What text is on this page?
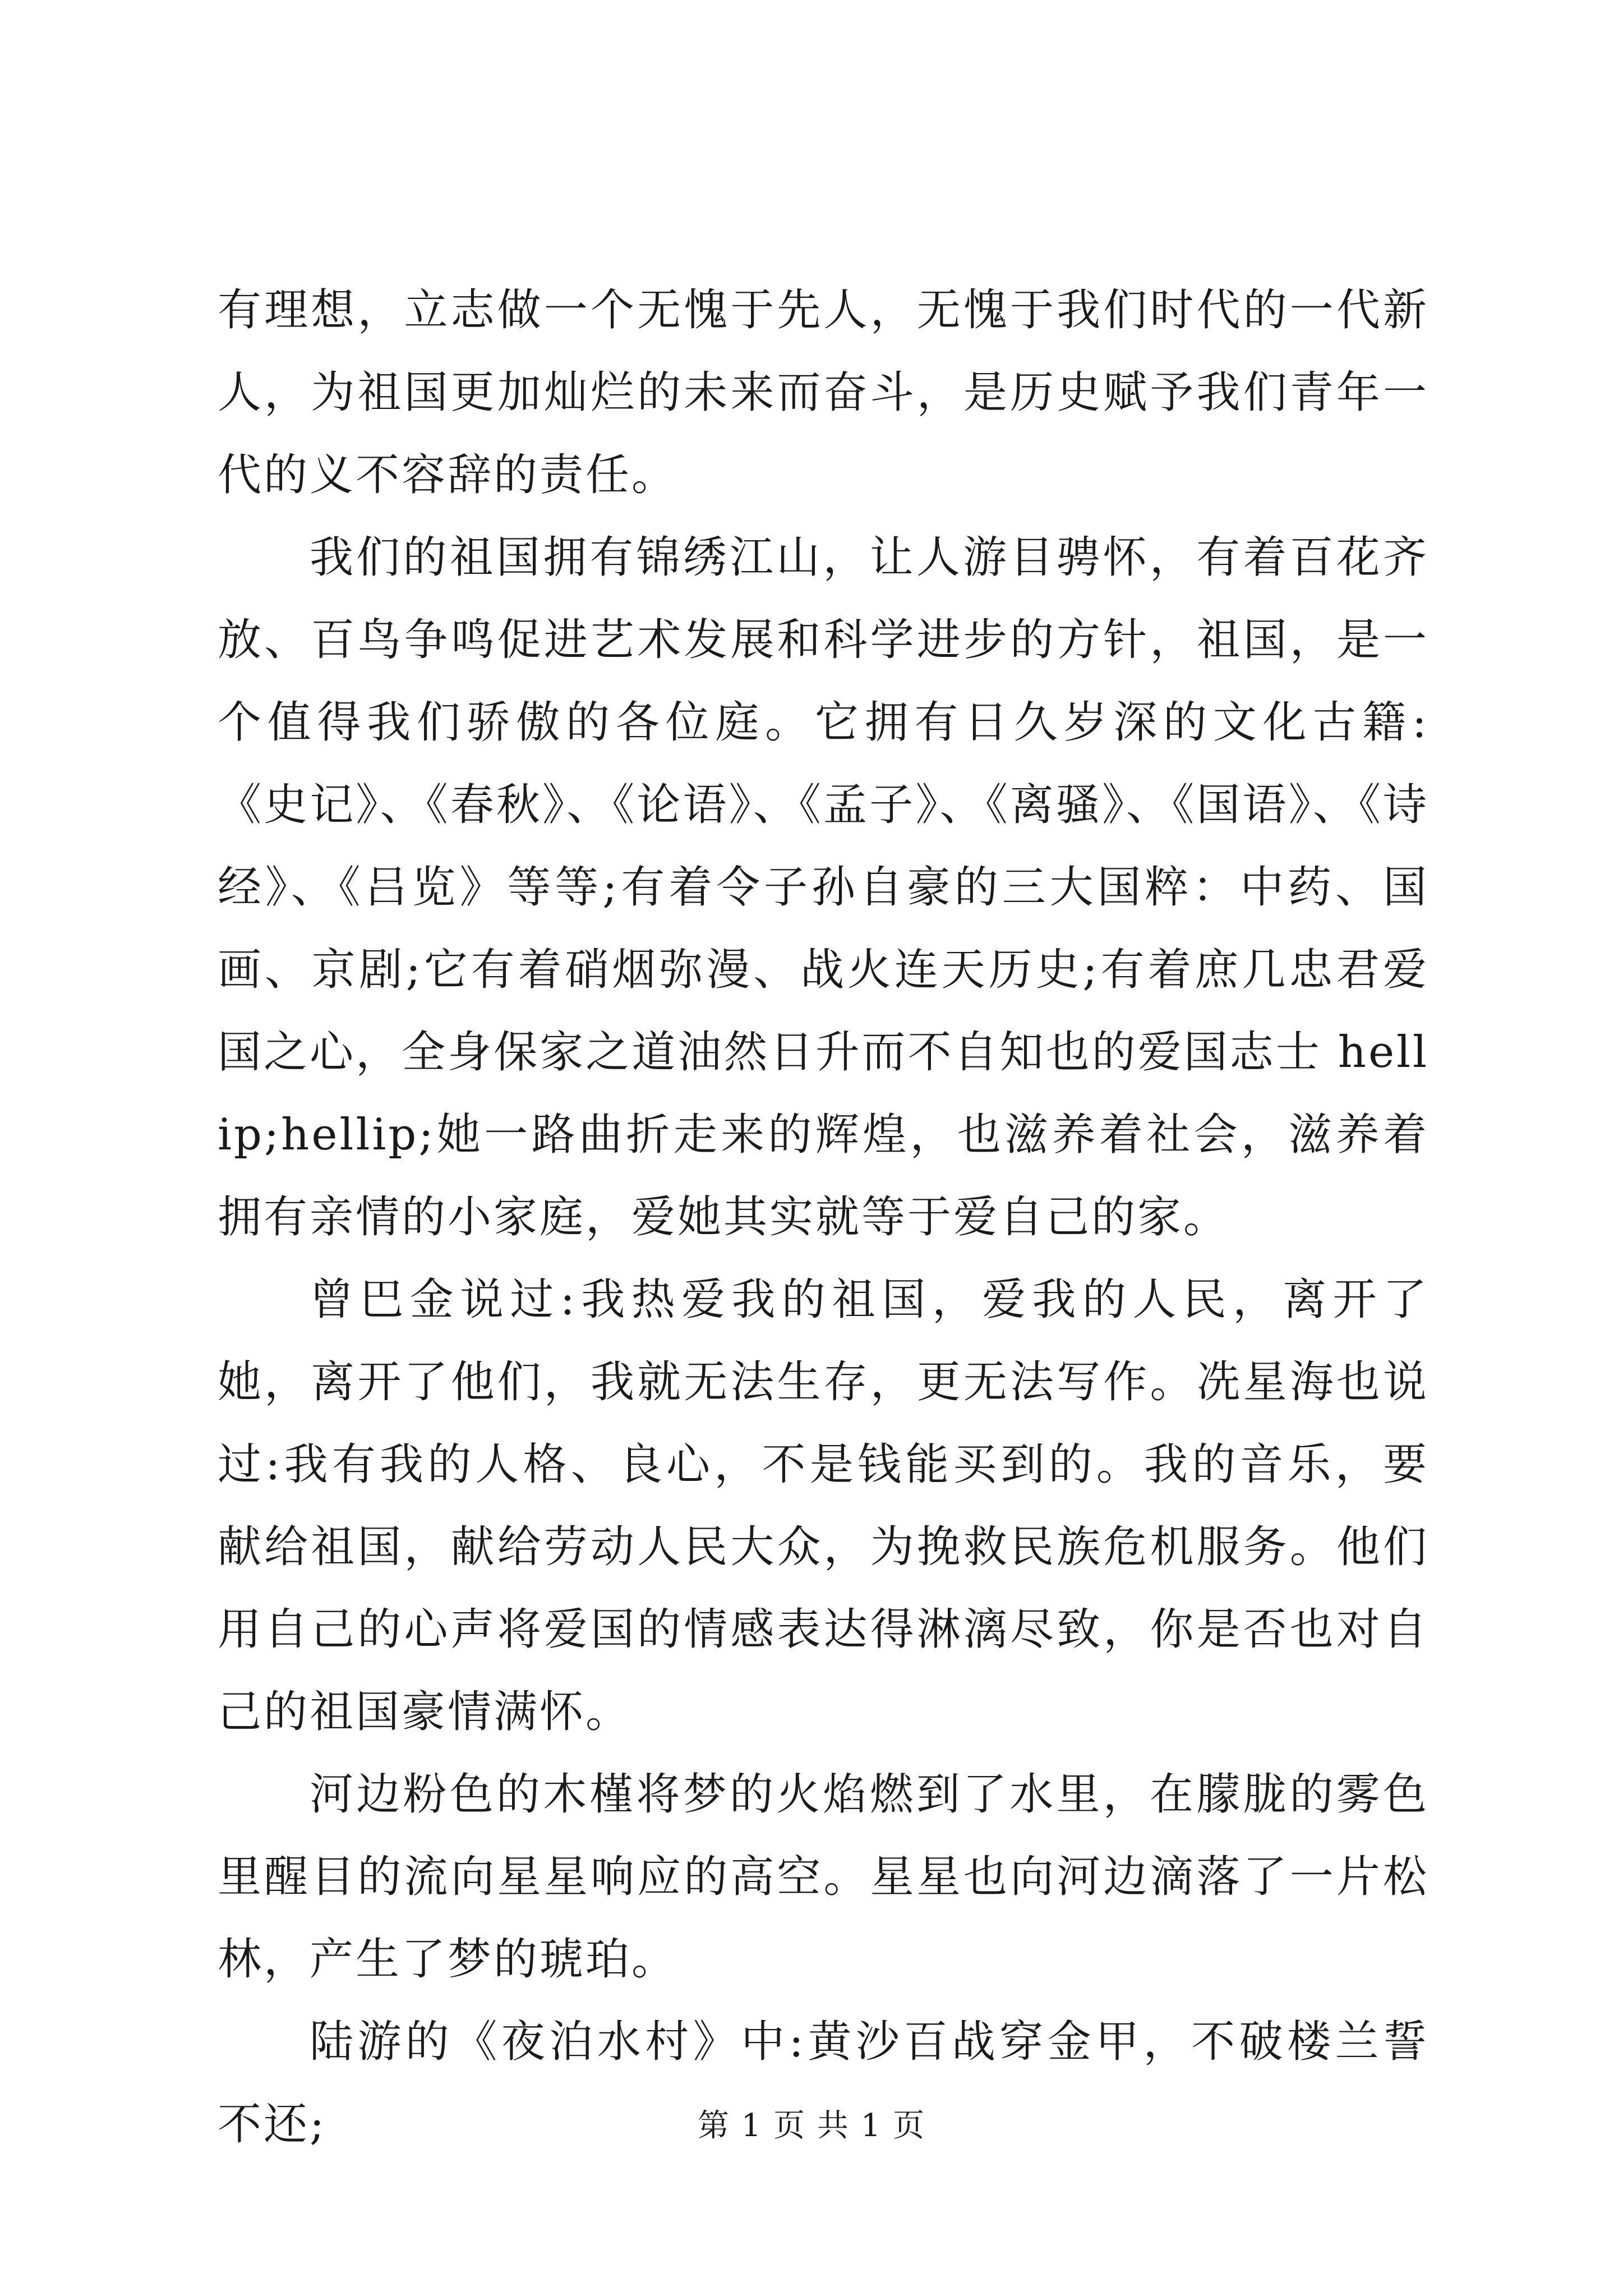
有理想，立志做一个无愧于先人，无愧于我们时代的一代新人，为祖国更加灿烂的未来而奋斗，是历史赋予我们青年一代的义不容辞的责任。

我们的祖国拥有锦绣江山，让人游目骋怀，有着百花齐放、百鸟争鸣促进艺术发展和科学进步的方针，祖国，是一个值得我们骄傲的各位庭。它拥有日久岁深的文化古籍:《史记》、《春秋》、《论语》、《孟子》、《离骚》、《国语》、《诗经》、《吕览》等等;有着令子孙自豪的三大国粹：中药、国画、京剧;它有着硝烟弥漫、战火连天历史;有着庶几忠君爱国之心，全身保家之道油然日升而不自知也的爱国志士 hellip;hellip;她一路曲折走来的辉煌，也滋养着社会，滋养着拥有亲情的小家庭，爱她其实就等于爱自己的家。

曾巴金说过:我热爱我的祖国，爱我的人民，离开了她，离开了他们，我就无法生存，更无法写作。冼星海也说过:我有我的人格、良心，不是钱能买到的。我的音乐，要献给祖国，献给劳动人民大众，为挽救民族危机服务。他们用自己的心声将爱国的情感表达得淋漓尽致，你是否也对自己的祖国豪情满怀。

河边粉色的木槿将梦的火焰燃到了水里，在朦胧的雾色里醒目的流向星星响应的高空。星星也向河边滴落了一片松林，产生了梦的琥珀。

陆游的《夜泊水村》中:黄沙百战穿金甲，不破楼兰誓不还;	第 1 页 共 1 页
